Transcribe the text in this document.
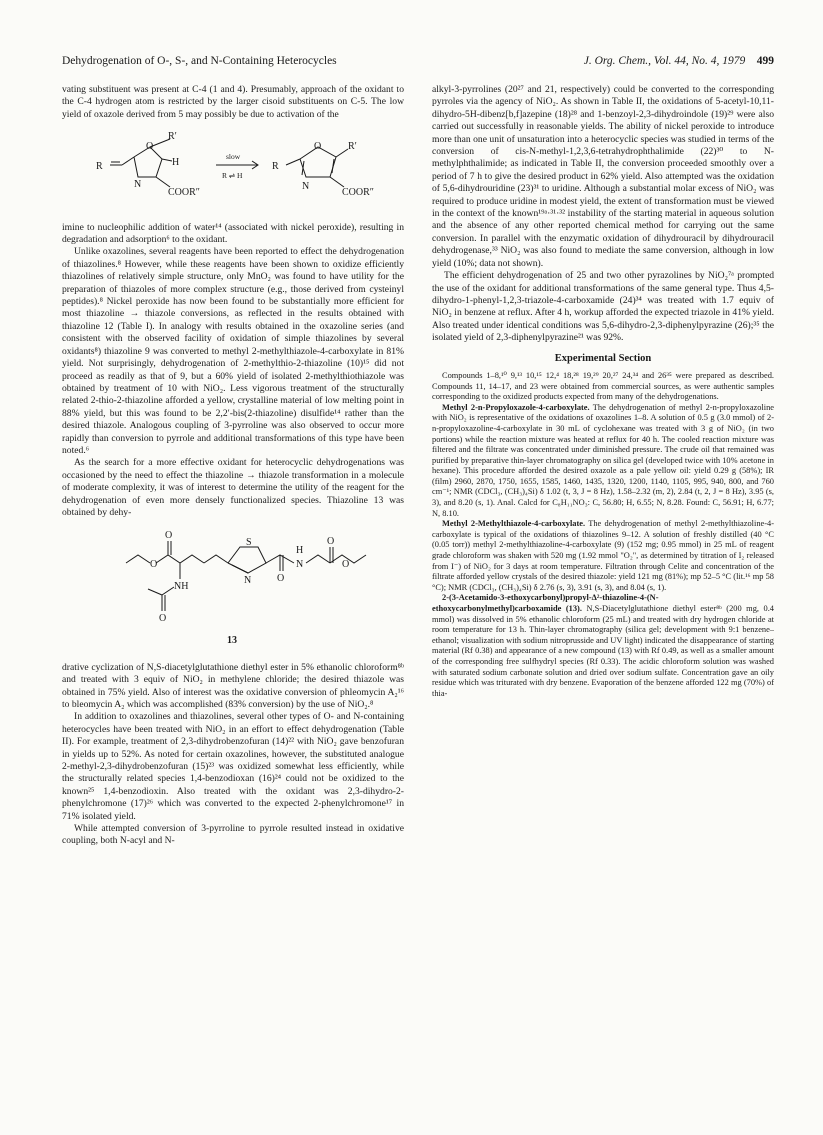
Dehydrogenation of O-, S-, and N-Containing Heterocycles	J. Org. Chem., Vol. 44, No. 4, 1979 499

vating substituent was present at C-4 (1 and 4). Presumably, approach of the oxidant to the C-4 hydrogen atom is restricted by the larger cisoid substituents on C-5. The low yield of oxazole derived from 5 may possibly be due to activation of the

R
O
R′
H
N
COOR″
slow
R ⇌ H
R
O
N
R′
COOR″

imine to nucleophilic addition of water¹⁴ (associated with nickel peroxide), resulting in degradation and adsorption⁶ to the oxidant.

Unlike oxazolines, several reagents have been reported to effect the dehydrogenation of thiazolines.⁸ However, while these reagents have been shown to oxidize efficiently thiazolines of relatively simple structure, only MnO₂ was found to have utility for the preparation of thiazoles of more complex structure (e.g., those derived from cysteinyl peptides).⁸ Nickel peroxide has now been found to be substantially more efficient for most thiazoline → thiazole conversions, as reflected in the results obtained with thiazoline 12 (Table I). In analogy with results obtained in the oxazoline series (and consistent with the observed facility of oxidation of simple thiazolines by several oxidants⁸) thiazoline 9 was converted to methyl 2-methylthiazole-4-carboxylate in 81% yield. Not surprisingly, dehydrogenation of 2-methylthio-2-thiazoline (10)¹⁵ did not proceed as readily as that of 9, but a 60% yield of isolated 2-methylthiothiazole was obtained by treatment of 10 with NiO₂. Less vigorous treatment of the structurally related 2-thio-2-thiazoline afforded a yellow, crystalline material of low melting point in 88% yield, but this was found to be 2,2′-bis(2-thiazoline) disulfide¹⁴ rather than the desired thiazole. Analogous coupling of 3-pyrroline was also observed to occur more rapidly than conversion to pyrrole and additional transformations of this type have been noted.⁶

As the search for a more effective oxidant for heterocyclic dehydrogenations was occasioned by the need to effect the thiazoline → thiazole transformation in a molecule of moderate complexity, it was of interest to determine the utility of the reagent for the dehydrogenation of even more densely functionalized species. Thiazoline 13 was obtained by dehy-

O
O
NH
O
S
N
H
N
O
O
O
13

drative cyclization of N,S-diacetylglutathione diethyl ester in 5% ethanolic chloroform⁸ᵇ and treated with 3 equiv of NiO₂ in methylene chloride; the desired thiazole was obtained in 75% yield. Also of interest was the oxidative conversion of phleomycin A₂¹⁶ to bleomycin A₂ which was accomplished (83% conversion) by the use of NiO₂.⁸

In addition to oxazolines and thiazolines, several other types of O- and N-containing heterocycles have been treated with NiO₂ in an effort to effect dehydrogenation (Table II). For example, treatment of 2,3-dihydrobenzofuran (14)²² with NiO₂ gave benzofuran in yields up to 52%. As noted for certain oxazolines, however, the substituted analogue 2-methyl-2,3-dihydrobenzofuran (15)²³ was oxidized somewhat less efficiently, while the structurally related species 1,4-benzodioxan (16)²⁴ could not be oxidized to the known²⁵ 1,4-benzodioxin. Also treated with the oxidant was 2,3-dihydro-2-phenylchromone (17)²⁶ which was converted to the expected 2-phenylchromone¹⁷ in 71% isolated yield.

While attempted conversion of 3-pyrroline to pyrrole resulted instead in oxidative coupling, both N-acyl and N-

alkyl-3-pyrrolines (20²⁷ and 21, respectively) could be converted to the corresponding pyrroles via the agency of NiO₂. As shown in Table II, the oxidations of 5-acetyl-10,11-dihydro-5H-dibenz[b,f]azepine (18)²⁸ and 1-benzoyl-2,3-dihydroindole (19)²⁹ were also carried out successfully in reasonable yields. The ability of nickel peroxide to introduce more than one unit of unsaturation into a heterocyclic species was studied in terms of the conversion of cis-N-methyl-1,2,3,6-tetrahydrophthalimide (22)³⁰ to N-methylphthalimide; as indicated in Table II, the conversion proceeded smoothly over a period of 7 h to give the desired product in 62% yield. Also attempted was the oxidation of 5,6-dihydrouridine (23)³¹ to uridine. Although a substantial molar excess of NiO₂ was required to produce uridine in modest yield, the extent of transformation must be viewed in the context of the known¹⁹ᵃ·³¹·³² instability of the starting material in aqueous solution and the absence of any other reported chemical method for carrying out the same conversion. In parallel with the enzymatic oxidation of dihydrouracil by dihydrouracil dehydrogenase,³³ NiO₂ was also found to mediate the same conversion, although in low yield (10%; data not shown).

The efficient dehydrogenation of 25 and two other pyrazolines by NiO₂⁷ᵃ prompted the use of the oxidant for additional transformations of the same general type. Thus 4,5-dihydro-1-phenyl-1,2,3-triazole-4-carboxamide (24)³⁴ was treated with 1.7 equiv of NiO₂ in benzene at reflux. After 4 h, workup afforded the expected triazole in 41% yield. Also treated under identical conditions was 5,6-dihydro-2,3-diphenylpyrazine (26);³⁵ the isolated yield of 2,3-diphenylpyrazine²¹ was 92%.

Experimental Section

Compounds 1–8,¹⁰ 9,¹³ 10,¹⁵ 12,⁴ 18,²⁸ 19,²⁹ 20,²⁷ 24,³⁴ and 26³⁵ were prepared as described. Compounds 11, 14–17, and 23 were obtained from commercial sources, as were authentic samples corresponding to the oxidized products expected from many of the dehydrogenations.

Methyl 2-n-Propyloxazole-4-carboxylate. The dehydrogenation of methyl 2-n-propyloxazoline with NiO₂ is representative of the oxidations of oxazolines 1–8. A solution of 0.5 g (3.0 mmol) of 2-n-propyloxazoline-4-carboxylate in 30 mL of cyclohexane was treated with 3 g of NiO₂ (in two portions) while the reaction mixture was heated at reflux for 40 h. The cooled reaction mixture was filtered and the filtrate was concentrated under diminished pressure. The crude oil that remained was purified by preparative thin-layer chromatography on silica gel (developed twice with 10% acetone in hexane). This procedure afforded the desired oxazole as a pale yellow oil: yield 0.29 g (58%); IR (film) 2960, 2870, 1750, 1655, 1585, 1460, 1435, 1320, 1200, 1140, 1105, 995, 940, 800, and 760 cm⁻¹; NMR (CDCl₃, (CH₃)₄Si) δ 1.02 (t, 3, J = 8 Hz), 1.58–2.32 (m, 2), 2.84 (t, 2, J = 8 Hz), 3.95 (s, 3), and 8.20 (s, 1). Anal. Calcd for C₈H₁₁NO₃: C, 56.80; H, 6.55; N, 8.28. Found: C, 56.91; H, 6.77; N, 8.10.

Methyl 2-Methylthiazole-4-carboxylate. The dehydrogenation of methyl 2-methylthiazoline-4-carboxylate is typical of the oxidations of thiazolines 9–12. A solution of freshly distilled (40 °C (0.05 torr)) methyl 2-methylthiazoline-4-carboxylate (9) (152 mg; 0.95 mmol) in 25 mL of reagent grade chloroform was shaken with 520 mg (1.92 mmol "O₂", as determined by titration of I₂ released from I⁻) of NiO₂ for 3 days at room temperature. Filtration through Celite and concentration of the filtrate afforded yellow crystals of the desired thiazole: yield 121 mg (81%); mp 52–5 °C (lit.¹⁶ mp 58 °C); NMR (CDCl₃, (CH₃)₄Si) δ 2.76 (s, 3), 3.91 (s, 3), and 8.04 (s, 1).

2-(3-Acetamido-3-ethoxycarbonyl)propyl-Δ²-thiazoline-4-(N-ethoxycarbonylmethyl)carboxamide (13). N,S-Diacetylglutathione diethyl ester⁸ᵇ (200 mg, 0.4 mmol) was dissolved in 5% ethanolic chloroform (25 mL) and treated with dry hydrogen chloride at room temperature for 13 h. Thin-layer chromatography (silica gel; development with 9:1 benzene–ethanol; visualization with sodium nitroprusside and UV light) indicated the disappearance of starting material (Rf 0.38) and appearance of a new compound (13) with Rf 0.49, as well as a smaller amount of the corresponding free sulfhydryl species (Rf 0.33). The acidic chloroform solution was washed with saturated sodium carbonate solution and dried over sodium sulfate. Concentration gave an oily residue which was triturated with dry benzene. Evaporation of the benzene afforded 122 mg (70%) of thia-
